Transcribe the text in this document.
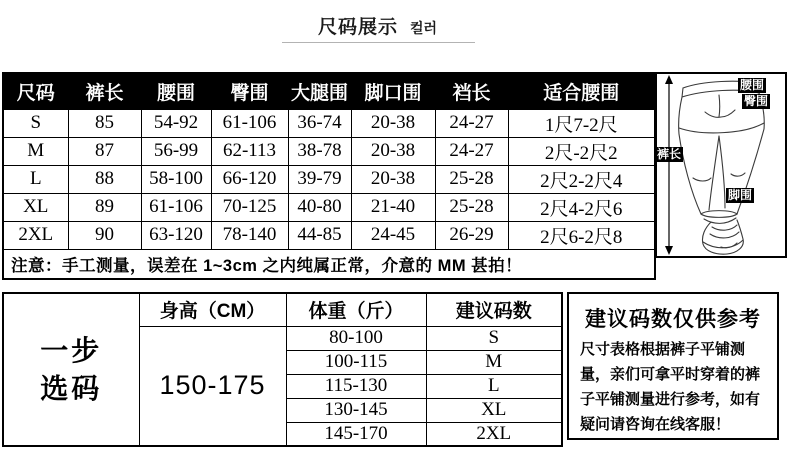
尺码展示 컬러
尺码	裤长	腰围	臀围	大腿围	脚口围	裆长	适合腰围
S	85	54-92	61-106	36-74	20-38	24-27	1尺7-2尺
M	87	56-99	62-113	38-78	20-38	24-27	2尺-2尺2
L	88	58-100	66-120	39-79	20-38	25-28	2尺2-2尺4
XL	89	61-106	70-125	40-80	21-40	25-28	2尺4-2尺6
2XL	90	63-120	78-140	44-85	24-45	26-29	2尺6-2尺8
注意：手工测量，误差在 1~3cm 之内纯属正常，介意的 MM 甚拍！							
腰围
臀围
裤长
脚围
一步选码	身高（CM）	体重（斤）	建议码数
	150-175	80-100	S
		100-115	M
		115-130	L
		130-145	XL
		145-170	2XL
建议码数仅供参考
尺寸表格根据裤子平铺测量，亲们可拿平时穿着的裤子平铺测量进行参考，如有疑问请咨询在线客服！
